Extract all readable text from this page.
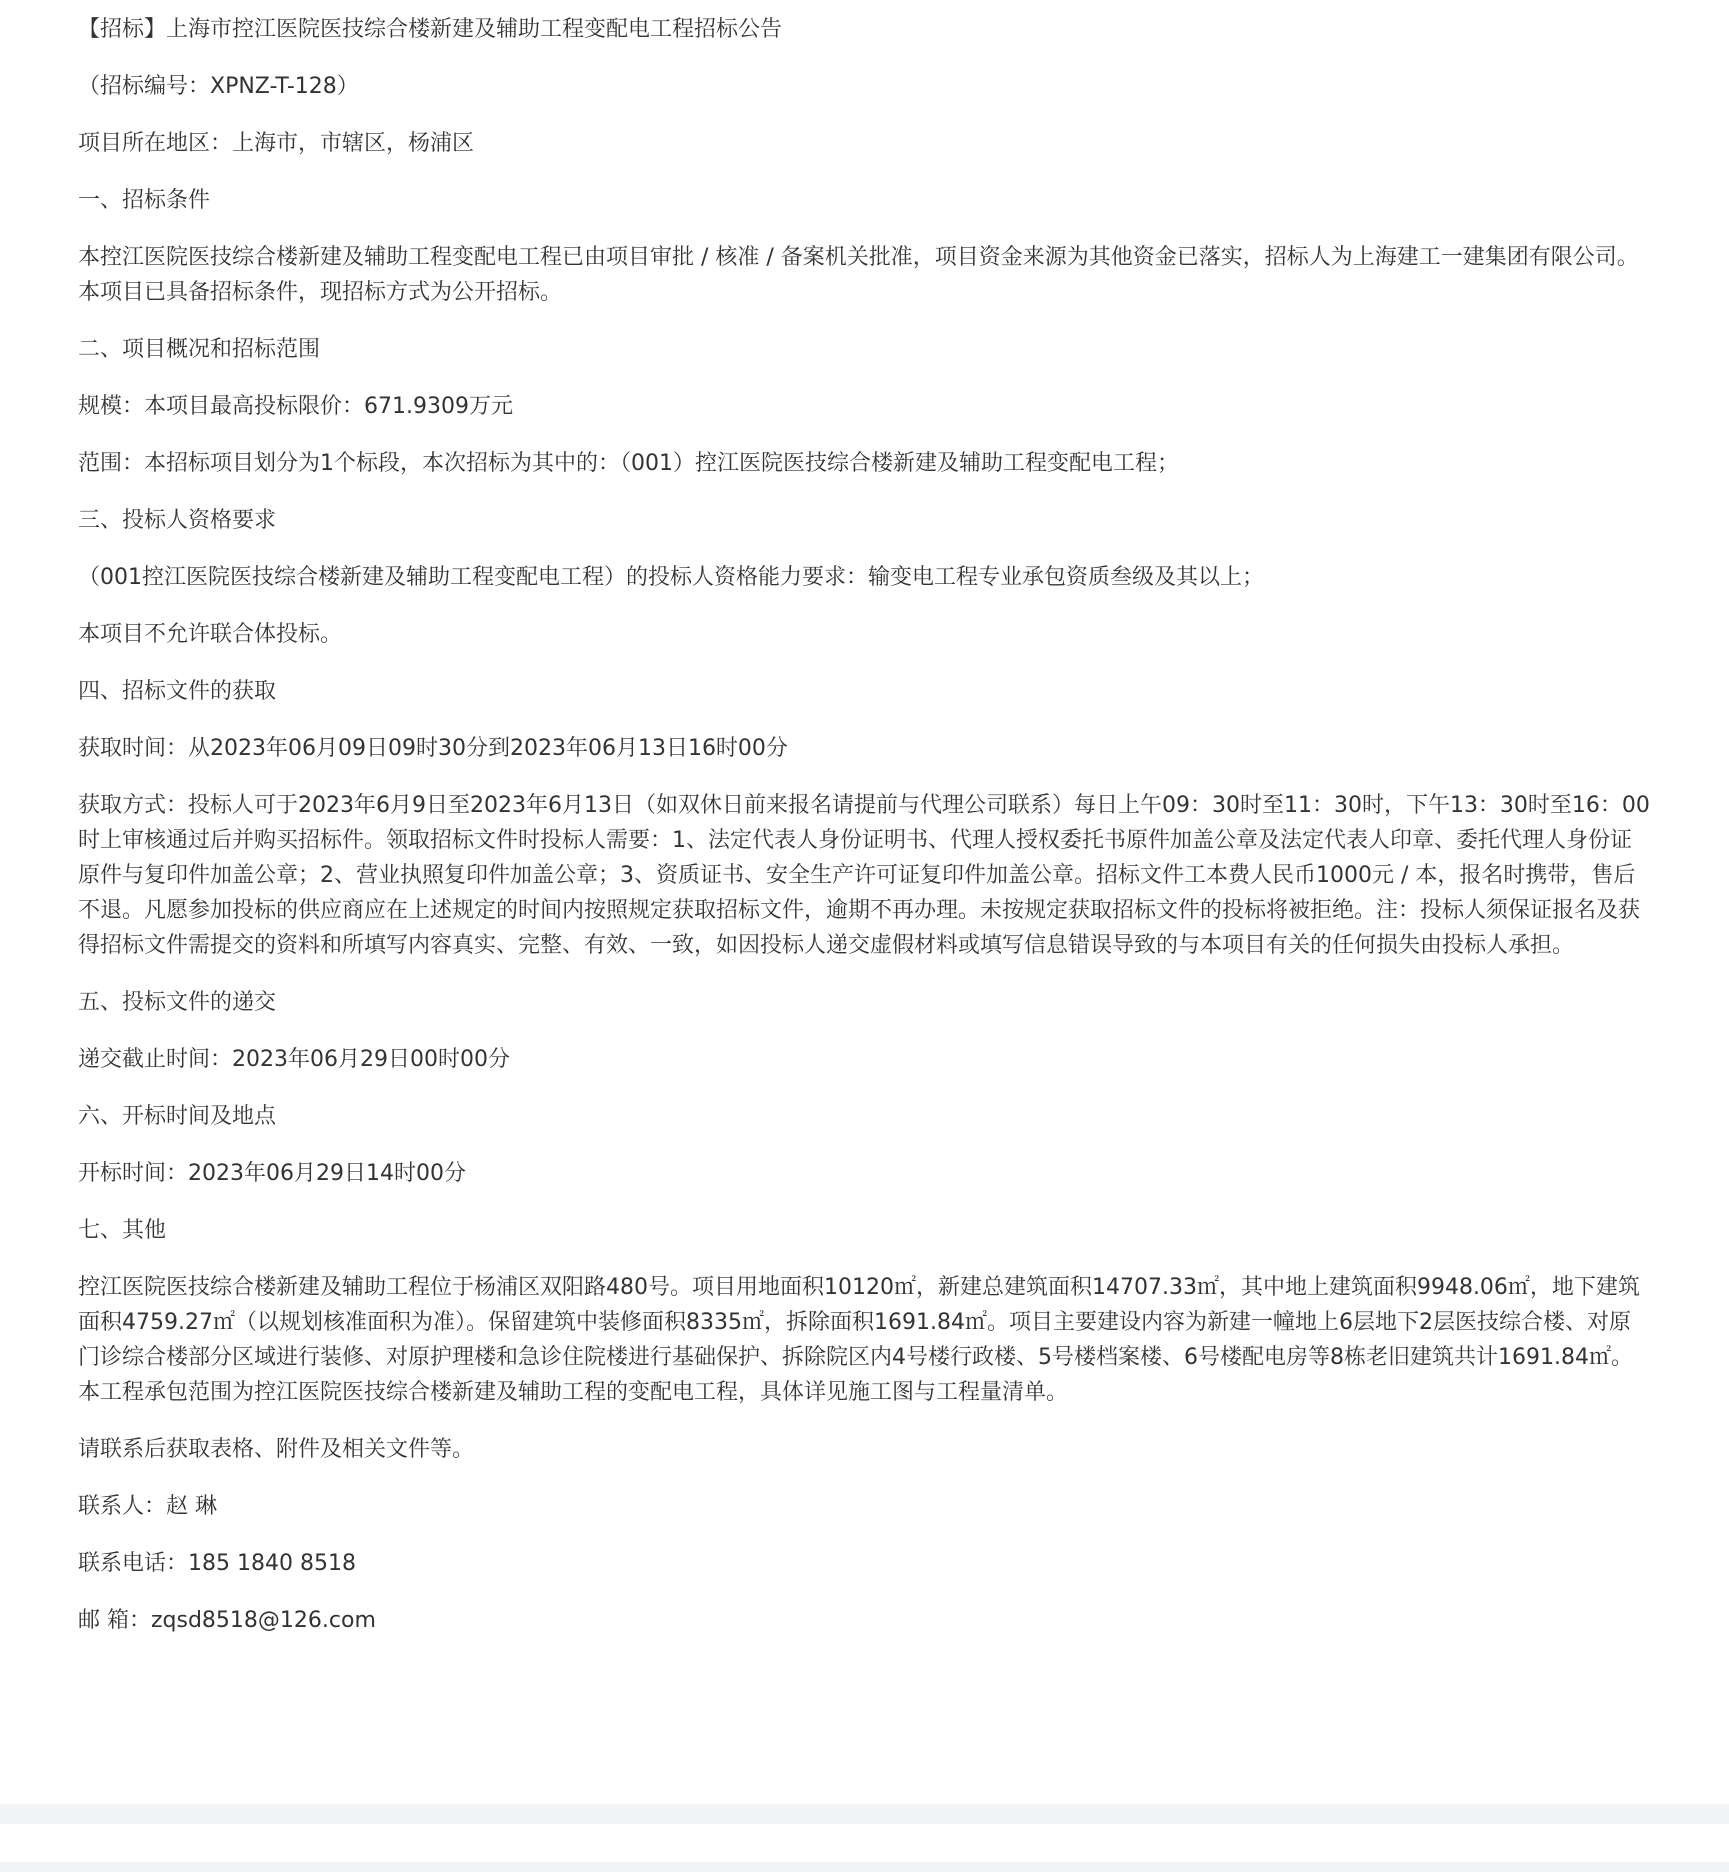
【招标】上海市控江医院医技综合楼新建及辅助工程变配电工程招标公告

（招标编号：XPNZ-T-128）

项目所在地区：上海市，市辖区，杨浦区

一、招标条件

本控江医院医技综合楼新建及辅助工程变配电工程已由项目审批 / 核准 / 备案机关批准，项目资金来源为其他资金已落实，招标人为上海建工一建集团有限公司。本项目已具备招标条件，现招标方式为公开招标。

二、项目概况和招标范围

规模：本项目最高投标限价：671.9309万元

范围：本招标项目划分为1个标段，本次招标为其中的：（001）控江医院医技综合楼新建及辅助工程变配电工程；

三、投标人资格要求

（001控江医院医技综合楼新建及辅助工程变配电工程）的投标人资格能力要求：输变电工程专业承包资质叁级及其以上；

本项目不允许联合体投标。

四、招标文件的获取

获取时间：从2023年06月09日09时30分到2023年06月13日16时00分

获取方式：投标人可于2023年6月9日至2023年6月13日（如双休日前来报名请提前与代理公司联系）每日上午09：30时至11：30时，下午13：30时至16：00时上审核通过后并购买招标件。领取招标文件时投标人需要：1、法定代表人身份证明书、代理人授权委托书原件加盖公章及法定代表人印章、委托代理人身份证原件与复印件加盖公章；2、营业执照复印件加盖公章；3、资质证书、安全生产许可证复印件加盖公章。招标文件工本费人民币1000元 / 本，报名时携带，售后不退。凡愿参加投标的供应商应在上述规定的时间内按照规定获取招标文件，逾期不再办理。未按规定获取招标文件的投标将被拒绝。注：投标人须保证报名及获得招标文件需提交的资料和所填写内容真实、完整、有效、一致，如因投标人递交虚假材料或填写信息错误导致的与本项目有关的任何损失由投标人承担。

五、投标文件的递交

递交截止时间：2023年06月29日00时00分

六、开标时间及地点

开标时间：2023年06月29日14时00分

七、其他

控江医院医技综合楼新建及辅助工程位于杨浦区双阳路480号。项目用地面积10120㎡，新建总建筑面积14707.33㎡，其中地上建筑面积9948.06㎡，地下建筑面积4759.27㎡（以规划核准面积为准）。保留建筑中装修面积8335㎡，拆除面积1691.84㎡。项目主要建设内容为新建一幢地上6层地下2层医技综合楼、对原门诊综合楼部分区域进行装修、对原护理楼和急诊住院楼进行基础保护、拆除院区内4号楼行政楼、5号楼档案楼、6号楼配电房等8栋老旧建筑共计1691.84㎡。本工程承包范围为控江医院医技综合楼新建及辅助工程的变配电工程，具体详见施工图与工程量清单。

请联系后获取表格、附件及相关文件等。

联系人：赵 琳

联系电话：185 1840 8518

邮 箱：zqsd8518@126.com
